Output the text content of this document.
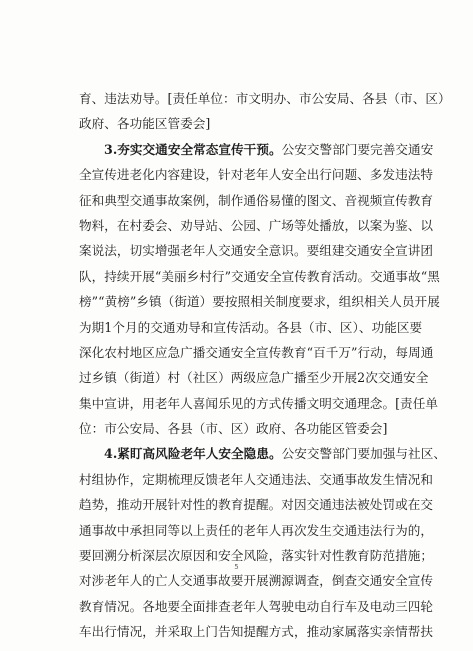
育、违法劝导。[责任单位：市文明办、市公安局、各县（市、区）
政府、各功能区管委会]
3.夯实交通安全常态宣传干预。公安交警部门要完善交通安
全宣传进老化内容建设，针对老年人安全出行问题、多发违法特
征和典型交通事故案例，制作通俗易懂的图文、音视频宣传教育
物料，在村委会、劝导站、公园、广场等处播放，以案为鉴、以
案说法，切实增强老年人交通安全意识。要组建交通安全宣讲团
队，持续开展“美丽乡村行”交通安全宣传教育活动。交通事故“黑
榜”“黄榜”乡镇（街道）要按照相关制度要求，组织相关人员开展
为期1个月的交通劝导和宣传活动。各县（市、区）、功能区要
深化农村地区应急广播交通安全宣传教育“百千万”行动，每周通
过乡镇（街道）村（社区）两级应急广播至少开展2次交通安全
集中宣讲，用老年人喜闻乐见的方式传播文明交通理念。[责任单
位：市公安局、各县（市、区）政府、各功能区管委会]
4.紧盯高风险老年人安全隐患。公安交警部门要加强与社区、
村组协作，定期梳理反馈老年人交通违法、交通事故发生情况和
趋势，推动开展针对性的教育提醒。对因交通违法被处罚或在交
通事故中承担同等以上责任的老年人再次发生交通违法行为的，
要回溯分析深层次原因和安全风险，落实针对性教育防范措施；
对涉老年人的亡人交通事故要开展溯源调查，倒查交通安全宣传
教育情况。各地要全面排查老年人驾驶电动自行车及电动三四轮
车出行情况，并采取上门告知提醒方式，推动家属落实亲情帮扶
5
